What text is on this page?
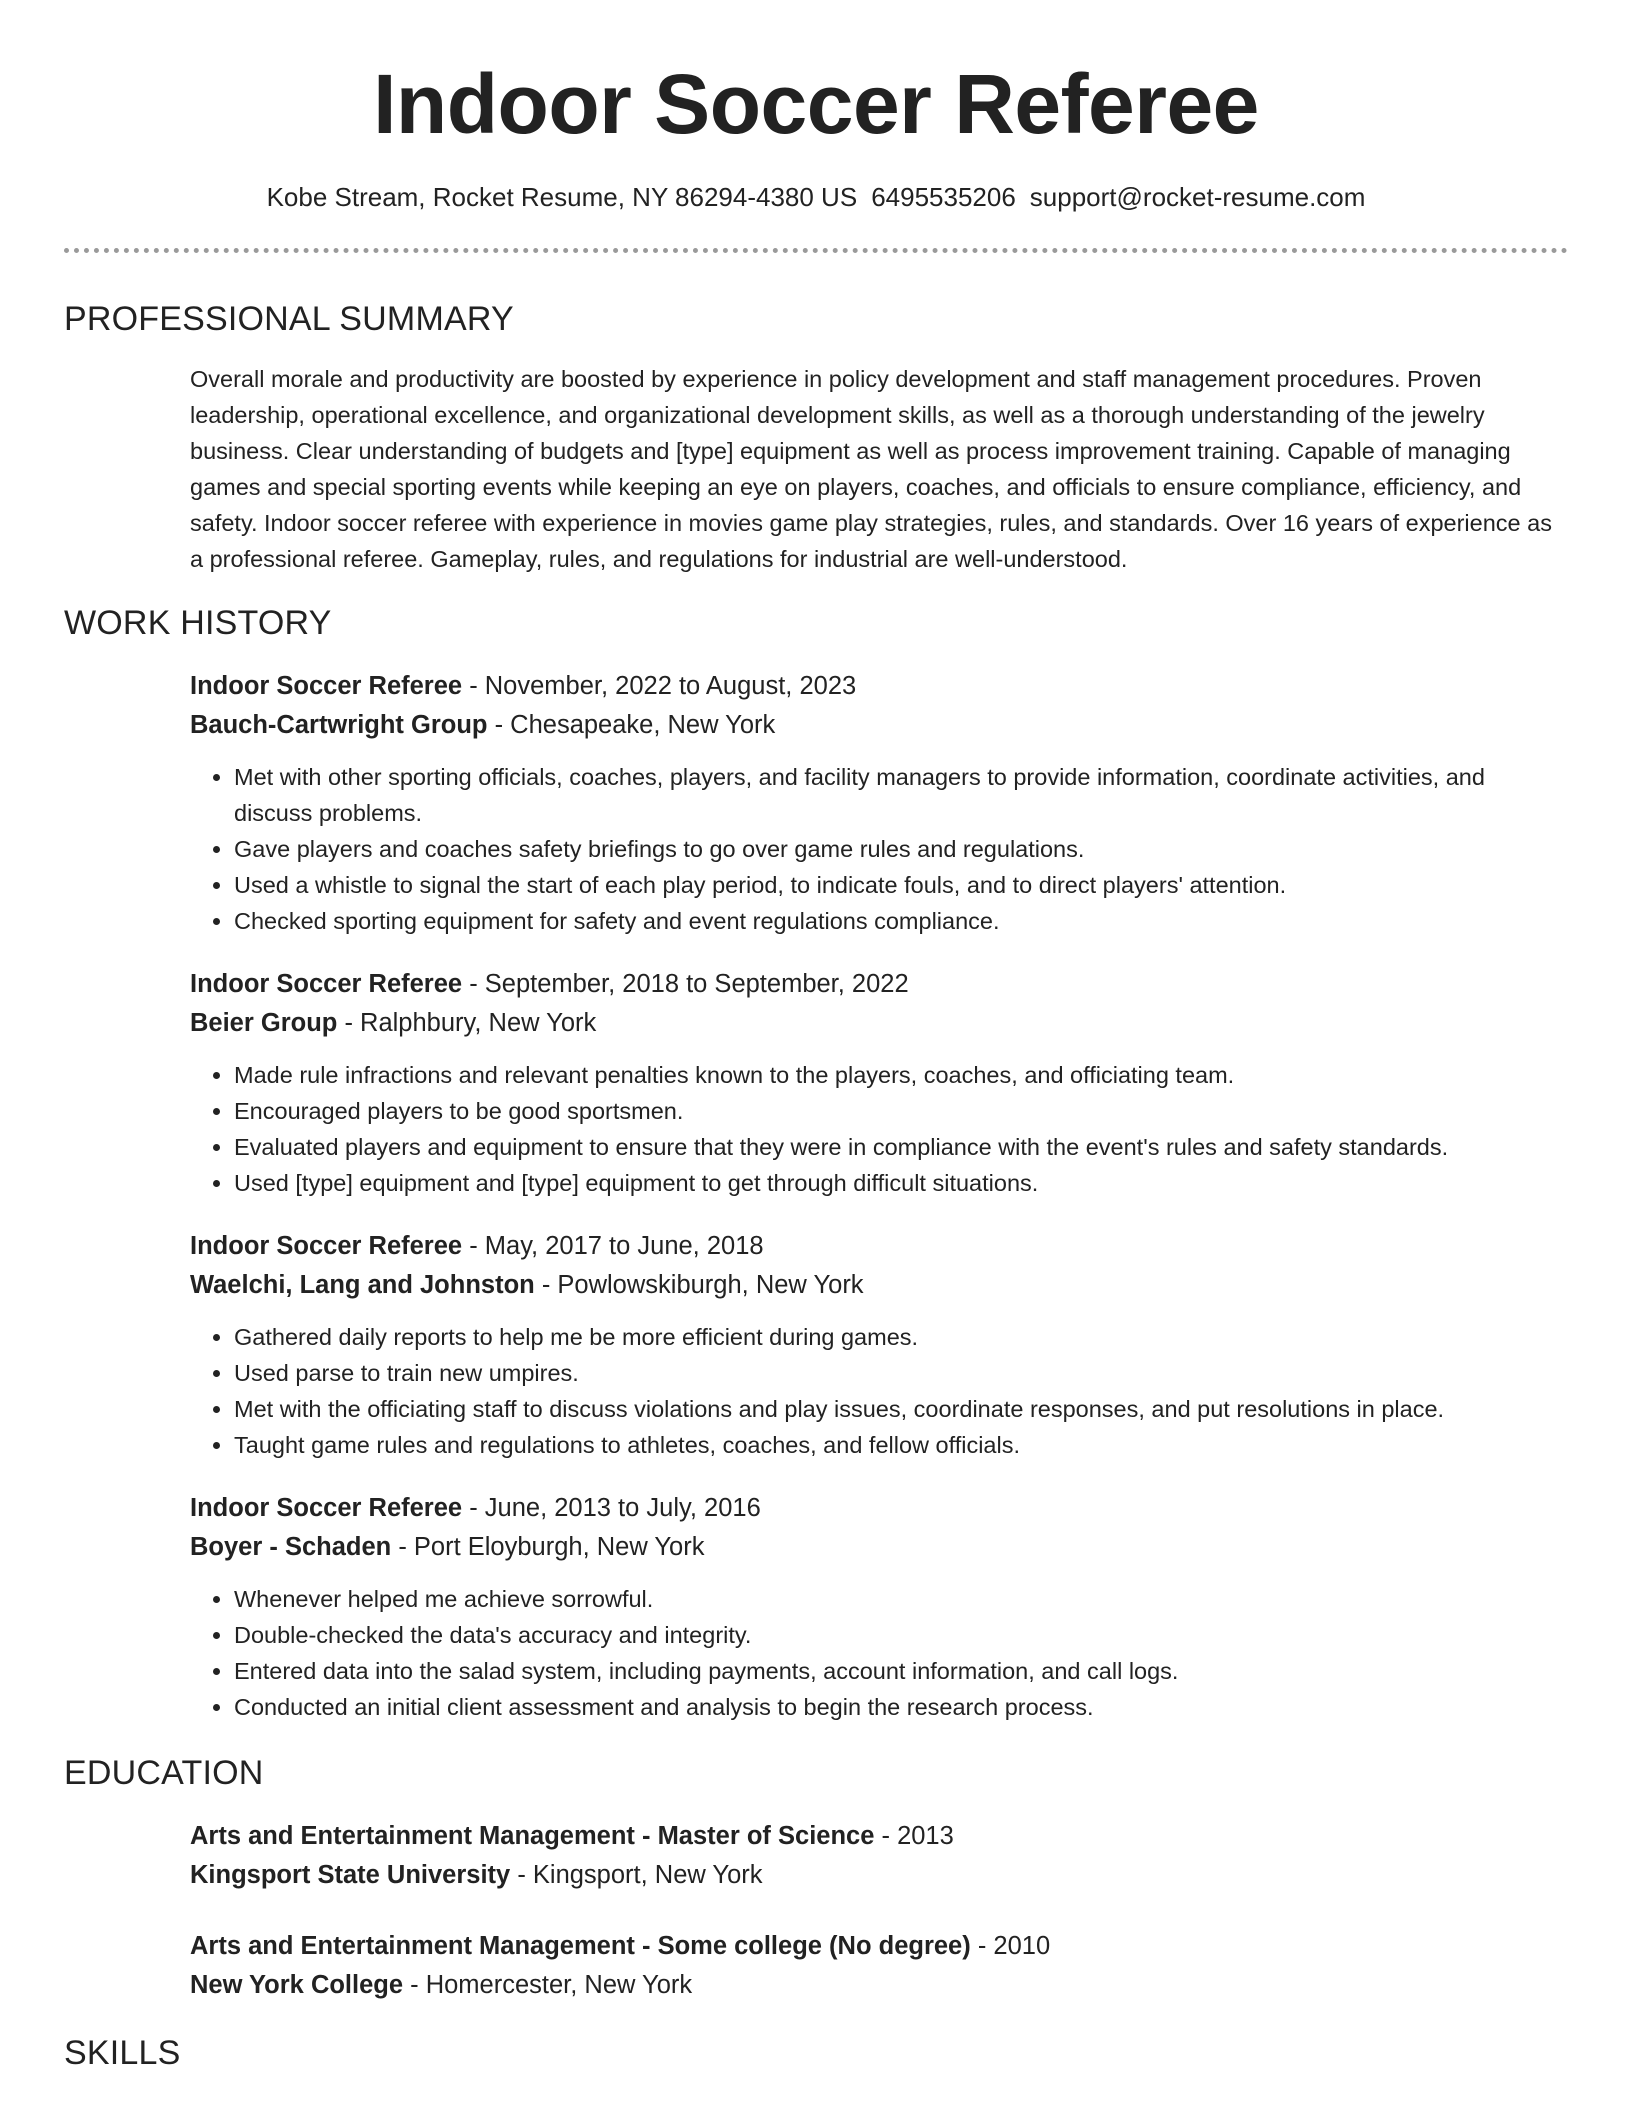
Indoor Soccer Referee
Kobe Stream, Rocket Resume, NY 86294-4380 US 6495535206 support@rocket-resume.com
PROFESSIONAL SUMMARY
Overall morale and productivity are boosted by experience in policy development and staff management procedures. Proven leadership, operational excellence, and organizational development skills, as well as a thorough understanding of the jewelry business. Clear understanding of budgets and [type] equipment as well as process improvement training. Capable of managing games and special sporting events while keeping an eye on players, coaches, and officials to ensure compliance, efficiency, and safety. Indoor soccer referee with experience in movies game play strategies, rules, and standards. Over 16 years of experience as a professional referee. Gameplay, rules, and regulations for industrial are well-understood.
WORK HISTORY
Indoor Soccer Referee - November, 2022 to August, 2023
Bauch-Cartwright Group - Chesapeake, New York
• Met with other sporting officials, coaches, players, and facility managers to provide information, coordinate activities, and discuss problems.
• Gave players and coaches safety briefings to go over game rules and regulations.
• Used a whistle to signal the start of each play period, to indicate fouls, and to direct players' attention.
• Checked sporting equipment for safety and event regulations compliance.
Indoor Soccer Referee - September, 2018 to September, 2022
Beier Group - Ralphbury, New York
• Made rule infractions and relevant penalties known to the players, coaches, and officiating team.
• Encouraged players to be good sportsmen.
• Evaluated players and equipment to ensure that they were in compliance with the event's rules and safety standards.
• Used [type] equipment and [type] equipment to get through difficult situations.
Indoor Soccer Referee - May, 2017 to June, 2018
Waelchi, Lang and Johnston - Powlowskiburgh, New York
• Gathered daily reports to help me be more efficient during games.
• Used parse to train new umpires.
• Met with the officiating staff to discuss violations and play issues, coordinate responses, and put resolutions in place.
• Taught game rules and regulations to athletes, coaches, and fellow officials.
Indoor Soccer Referee - June, 2013 to July, 2016
Boyer - Schaden - Port Eloyburgh, New York
• Whenever helped me achieve sorrowful.
• Double-checked the data's accuracy and integrity.
• Entered data into the salad system, including payments, account information, and call logs.
• Conducted an initial client assessment and analysis to begin the research process.
EDUCATION
Arts and Entertainment Management - Master of Science - 2013
Kingsport State University - Kingsport, New York
Arts and Entertainment Management - Some college (No degree) - 2010
New York College - Homercester, New York
SKILLS
